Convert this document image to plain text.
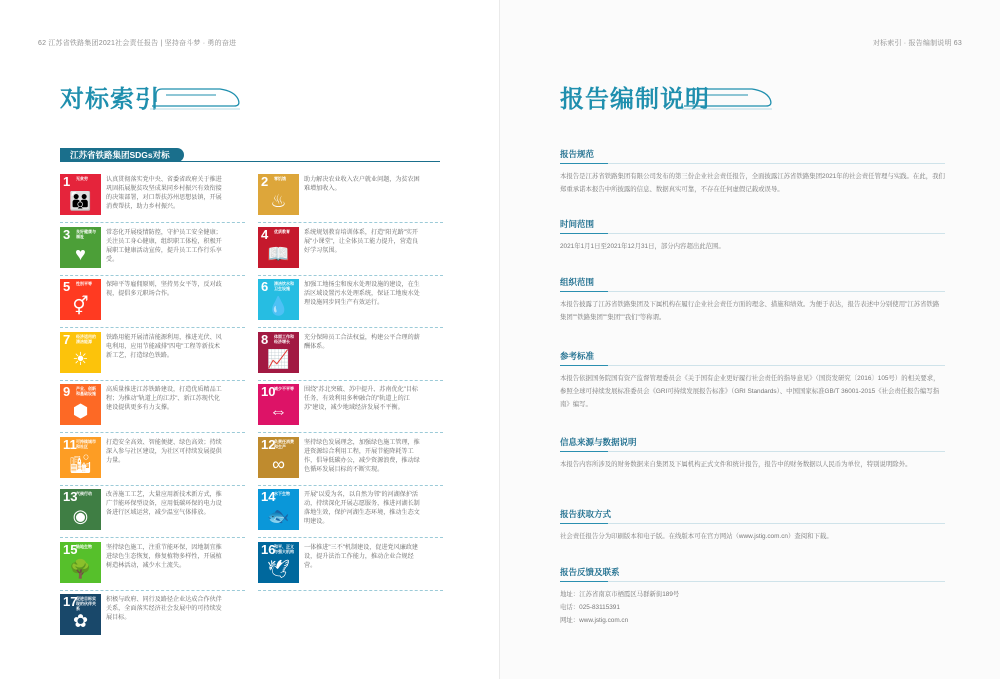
62 江苏省铁路集团2021社会责任报告 | 坚持奋斗梦 · 勇的奋进
对标索引
江苏省铁路集团SDGs对标
1 无贫穷
👪
认真贯彻落实党中央、省委省政府关于推进巩固拓展脱贫攻坚成果同乡村振兴有效衔接的决策部署，对口帮扶苏州思想县镇，开展消费帮扶，助力乡村振兴。
2 零饥饿
♨
助力解决农业收入农户就业问题，为贫农困难增加收入。
3 良好健康与福祉
♥
常态化开展疫情防控，守护员工安全健康；关注员工身心健康，组织职工体检，积极开展职工健康活动宣传，提升员工工作行乐享受。
4 优质教育
📖
系统规划教育培训体系，打造"阳光路"实开展"小课堂"，让全体员工能力提升，营造良好学习氛围。
5 性别平等
⚥
保障平等雇佣原则，坚持男女平等，反对歧视，提倡多元职场合作。	6 清洁饮水和卫生设施
💧
加强工地扬尘和废水处理设施的建设，在生活区域设置污水处理系统，保证工地废水处理设施同步同生产有效运行。
7 经济适用的清洁能源
☀
铁路用能开展清洁能源利用，推进光伏、风电利用，应用节能减排"四电"工程等新技术新工艺，打造绿色铁路。
8 体面工作和经济增长
📈
充分保障员工合法权益，构建公平合理的薪酬体系。
9 产业、创新和基础设施
⬢
高质量推进江苏铁路建设，打造优质精品工程；为推动"轨道上的江苏"、新江苏现代化建设提供更多有力支撑。
10
减少不平等
⇔
围绕"苏北突破、苏中提升、苏南优化"目标任务，有效利用多种融合的"轨道上的江苏"建设，减少地域经济发展不平衡。
11 可持续城市和社区
🏙
打造安全高效、智能便捷、绿色高效；持续深入参与社区建设，为社区可持续发展提供力量。
12
负责任消费和生产
∞
坚持绿色发展理念，加强绿色施工管理，推进资源综合利用工程，开展节能降耗等工作，倡导低碳办公，减少资源浪费，推动绿色循环发展目标的不断实现。
13
气候行动
◉
改善施工工艺，大量应用新技术新方式，推广节能环保型设备，应用低碳环保的电力设备进行区域运营，减少温室气体排放。
14
水下生物
🐟
开展"以爱为名，以自然为邻"的河湖保护活动，持续深化开展志愿服务，推进河湖长制落地生效，保护河湖生态环境，推动生态文明建设。
15
陆地生物
🌳
坚持绿色施工，注重节能环保，因地制宜推进绿色生态恢复，修复植物多样性，开展植树造林活动，减少水土流失。
16
和平、正义与强大机构
🕊
一体推进"三不"机制建设，促进党风廉政建设，提升法治工作能力，推动企业合规经营。
17
促进目标实现的伙伴关系
✿
积极与政府、同行及路径企业达成合作伙伴关系，全面落实经济社会发展中的可持续发展目标。
对标索引 · 报告编制说明 63
报告编制说明
报告规范
本报告是江苏省铁路集团有限公司发布的第三份企业社会责任报告，全面披露江苏省铁路集团2021年的社会责任管理与实践。在此，我们郑重承诺本报告中所披露的信息、数据真实可靠，不存在任何虚假记载或误导。
时间范围
2021年1月1日至2021年12月31日，部分内容超出此范围。
组织范围
本报告披露了江苏省铁路集团及下属机构在履行企业社会责任方面的理念、措施和绩效。为便于表达，报告表述中分别使用"江苏省铁路集团""铁路集团""集团""我们"等称谓。
参考标准
本报告依据国务院国有资产监督管理委员会《关于国有企业更好履行社会责任的指导意见》（国资发研究〔2016〕105号）的相关要求，参照全球可持续发展标准委员会《GRI可持续发展报告标准》（GRI Standards）、中国国家标准GB/T 36001-2015《社会责任报告编写指南》编写。
信息来源与数据说明
本报告内容所涉及的财务数据来自集团及下属机构正式文件和统计报告，报告中的财务数据以人民币为单位，特别说明除外。
报告获取方式
社会责任报告分为印刷版本和电子版。在线版本可在官方网站（www.jstig.com.cn）查阅和下载。
报告反馈及联系
地址：江苏省南京市栖霞区马群新街189号
电话：025-83115391
网址：www.jstig.com.cn
